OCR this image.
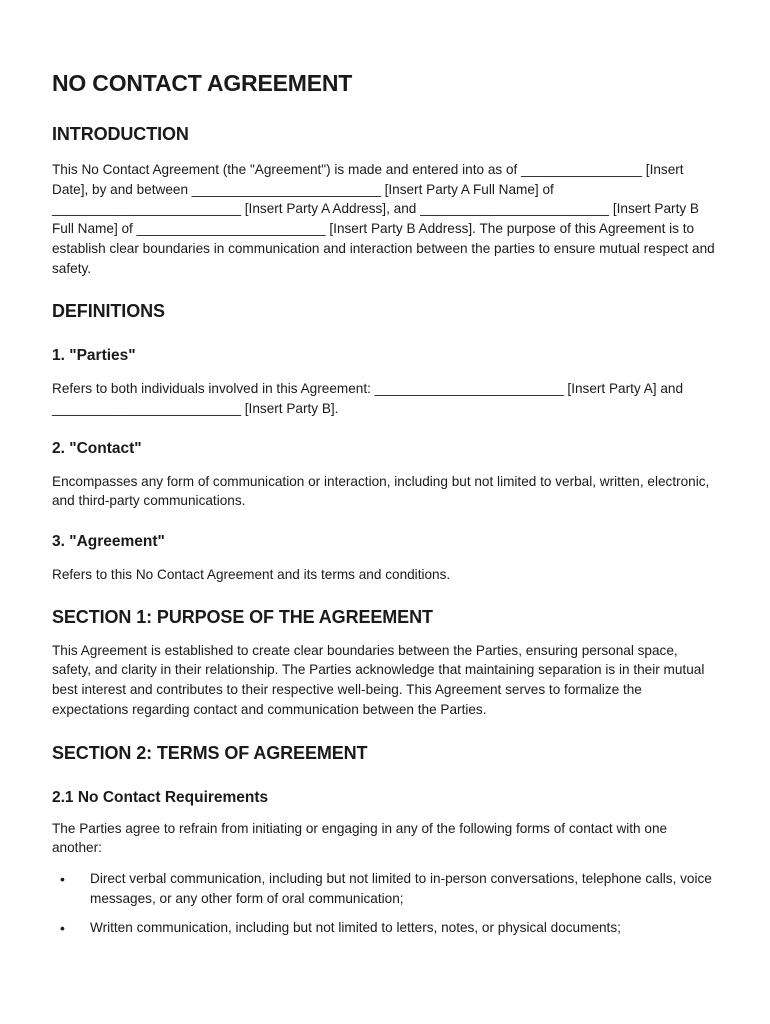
NO CONTACT AGREEMENT
INTRODUCTION

This No Contact Agreement (the "Agreement") is made and entered into as of ________________ [Insert Date], by and between _________________________ [Insert Party A Full Name] of _________________________ [Insert Party A Address], and _________________________ [Insert Party B Full Name] of _________________________ [Insert Party B Address]. The purpose of this Agreement is to establish clear boundaries in communication and interaction between the parties to ensure mutual respect and safety.

DEFINITIONS
1. "Parties"

Refers to both individuals involved in this Agreement: _________________________ [Insert Party A] and _________________________ [Insert Party B].

2. "Contact"

Encompasses any form of communication or interaction, including but not limited to verbal, written, electronic, and third-party communications.

3. "Agreement"

Refers to this No Contact Agreement and its terms and conditions.

SECTION 1: PURPOSE OF THE AGREEMENT

This Agreement is established to create clear boundaries between the Parties, ensuring personal space, safety, and clarity in their relationship. The Parties acknowledge that maintaining separation is in their mutual best interest and contributes to their respective well-being. This Agreement serves to formalize the expectations regarding contact and communication between the Parties.

SECTION 2: TERMS OF AGREEMENT
2.1 No Contact Requirements

The Parties agree to refrain from initiating or engaging in any of the following forms of contact with one another:

• Direct verbal communication, including but not limited to in-person conversations, telephone calls, voice messages, or any other form of oral communication;
• Written communication, including but not limited to letters, notes, or physical documents;
